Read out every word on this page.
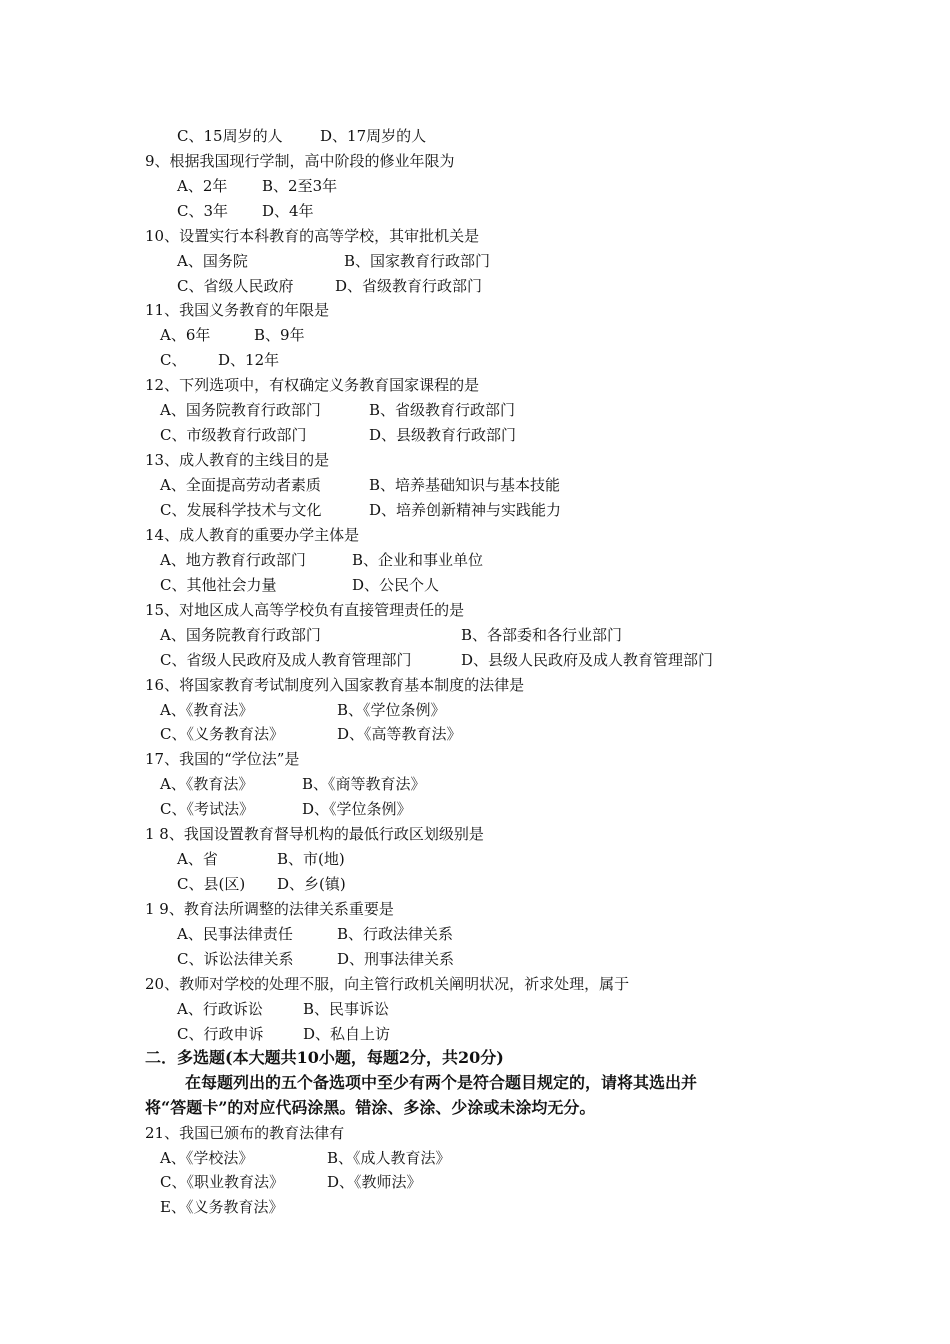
C、15周岁的人

D、17周岁的人

9、根据我国现行学制，高中阶段的修业年限为

A、2年

B、2至3年

C、3年

D、4年

10、设置实行本科教育的高等学校，其审批机关是

A、国务院

	B、国家教育行政部门

C、省级人民政府

	D、省级教育行政部门

11、我国义务教育的年限是

A、6年

	B、9年

C、

D、12年

12、下列选项中，有权确定义务教育国家课程的是

A、国务院教育行政部门

	B、省级教育行政部门

C、市级教育行政部门

	D、县级教育行政部门

13、成人教育的主线目的是

A、全面提高劳动者素质

	B、培养基础知识与基本技能

C、发展科学技术与文化

	D、培养创新精神与实践能力

14、成人教育的重要办学主体是

A、地方教育行政部门

	B、企业和事业单位

C、其他社会力量

	D、公民个人

15、对地区成人高等学校负有直接管理责任的是

A、国务院教育行政部门

	B、各部委和各行业部门

C、省级人民政府及成人教育管理部门

	D、县级人民政府及成人教育管理部门

16、将国家教育考试制度列入国家教育基本制度的法律是

A、《教育法》

	B、《学位条例》

C、《义务教育法》

	D、《高等教育法》

17、我国的“学位法”是

A、《教育法》

	B、《商等教育法》

C、《考试法》

	D、《学位条例》

1 8、我国设置教育督导机构的最低行政区划级别是

A、省

	B、市(地)

C、县(区)

D、乡(镇)

1 9、教育法所调整的法律关系重要是

A、民事法律责任

	B、行政法律关系

C、诉讼法律关系

	D、刑事法律关系

20、教师对学校的处理不服，向主管行政机关阐明状况，祈求处理，属于

A、行政诉讼

	B、民事诉讼

C、行政申诉

	D、私自上访

二．多选题(本大题共10小题，每题2分，共20分)
在每题列出的五个备选项中至少有两个是符合题目规定的，请将其选出并
将“答题卡”的对应代码涂黑。错涂、多涂、少涂或未涂均无分。
21、我国已颁布的教育法律有

A、《学校法》

	B、《成人教育法》

C、《职业教育法》

	D、《教师法》

E、《义务教育法》
